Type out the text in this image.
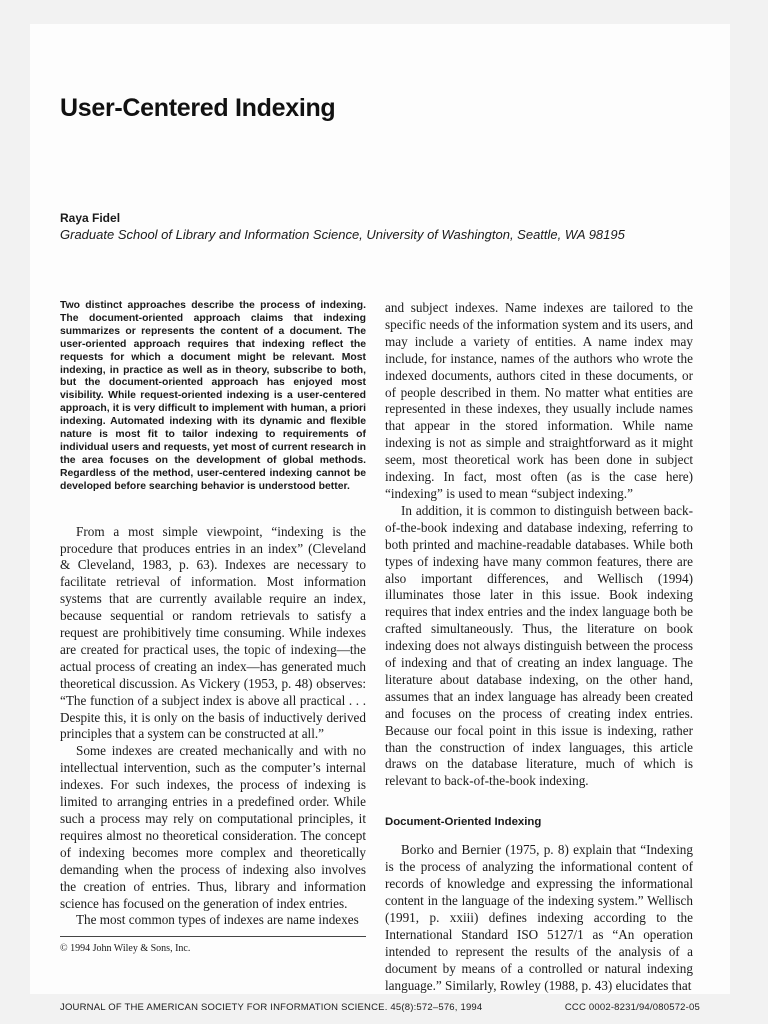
User-Centered Indexing
Raya Fidel
Graduate School of Library and Information Science, University of Washington, Seattle, WA 98195

Two distinct approaches describe the process of indexing. The document-oriented approach claims that indexing summarizes or represents the content of a document. The user-oriented approach requires that indexing reflect the requests for which a document might be relevant. Most indexing, in practice as well as in theory, subscribe to both, but the document-oriented approach has enjoyed most visibility. While request-oriented indexing is a user-centered approach, it is very difficult to implement with human, a priori indexing. Automated indexing with its dynamic and flexible nature is most fit to tailor indexing to requirements of individual users and requests, yet most of current research in the area focuses on the development of global methods. Regardless of the method, user-centered indexing cannot be developed before searching behavior is understood better.

From a most simple viewpoint, “indexing is the procedure that produces entries in an index” (Cleveland & Cleveland, 1983, p. 63). Indexes are necessary to facilitate retrieval of information. Most information systems that are currently available require an index, because sequential or random retrievals to satisfy a request are prohibitively time consuming. While indexes are created for practical uses, the topic of indexing—the actual process of creating an index—has generated much theoretical discussion. As Vickery (1953, p. 48) observes: “The function of a subject index is above all practical . . . Despite this, it is only on the basis of inductively derived principles that a system can be constructed at all.”

Some indexes are created mechanically and with no intellectual intervention, such as the computer’s internal indexes. For such indexes, the process of indexing is limited to arranging entries in a predefined order. While such a process may rely on computational principles, it requires almost no theoretical consideration. The concept of indexing becomes more complex and theoretically demanding when the process of indexing also involves the creation of entries. Thus, library and information science has focused on the generation of index entries.

The most common types of indexes are name indexes

and subject indexes. Name indexes are tailored to the specific needs of the information system and its users, and may include a variety of entities. A name index may include, for instance, names of the authors who wrote the indexed documents, authors cited in these documents, or of people described in them. No matter what entities are represented in these indexes, they usually include names that appear in the stored information. While name indexing is not as simple and straightforward as it might seem, most theoretical work has been done in subject indexing. In fact, most often (as is the case here) “indexing” is used to mean “subject indexing.”

In addition, it is common to distinguish between back-of-the-book indexing and database indexing, referring to both printed and machine-readable databases. While both types of indexing have many common features, there are also important differences, and Wellisch (1994) illuminates those later in this issue. Book indexing requires that index entries and the index language both be crafted simultaneously. Thus, the literature on book indexing does not always distinguish between the process of indexing and that of creating an index language. The literature about database indexing, on the other hand, assumes that an index language has already been created and focuses on the process of creating index entries. Because our focal point in this issue is indexing, rather than the construction of index languages, this article draws on the database literature, much of which is relevant to back-of-the-book indexing.

Document-Oriented Indexing

Borko and Bernier (1975, p. 8) explain that “Indexing is the process of analyzing the informational content of records of knowledge and expressing the informational content in the language of the indexing system.” Wellisch (1991, p. xxiii) defines indexing according to the International Standard ISO 5127/1 as “An operation intended to represent the results of the analysis of a document by means of a controlled or natural indexing language.” Similarly, Rowley (1988, p. 43) elucidates that

© 1994 John Wiley & Sons, Inc.
JOURNAL OF THE AMERICAN SOCIETY FOR INFORMATION SCIENCE. 45(8):572–576, 1994	CCC 0002-8231/94/080572-05
